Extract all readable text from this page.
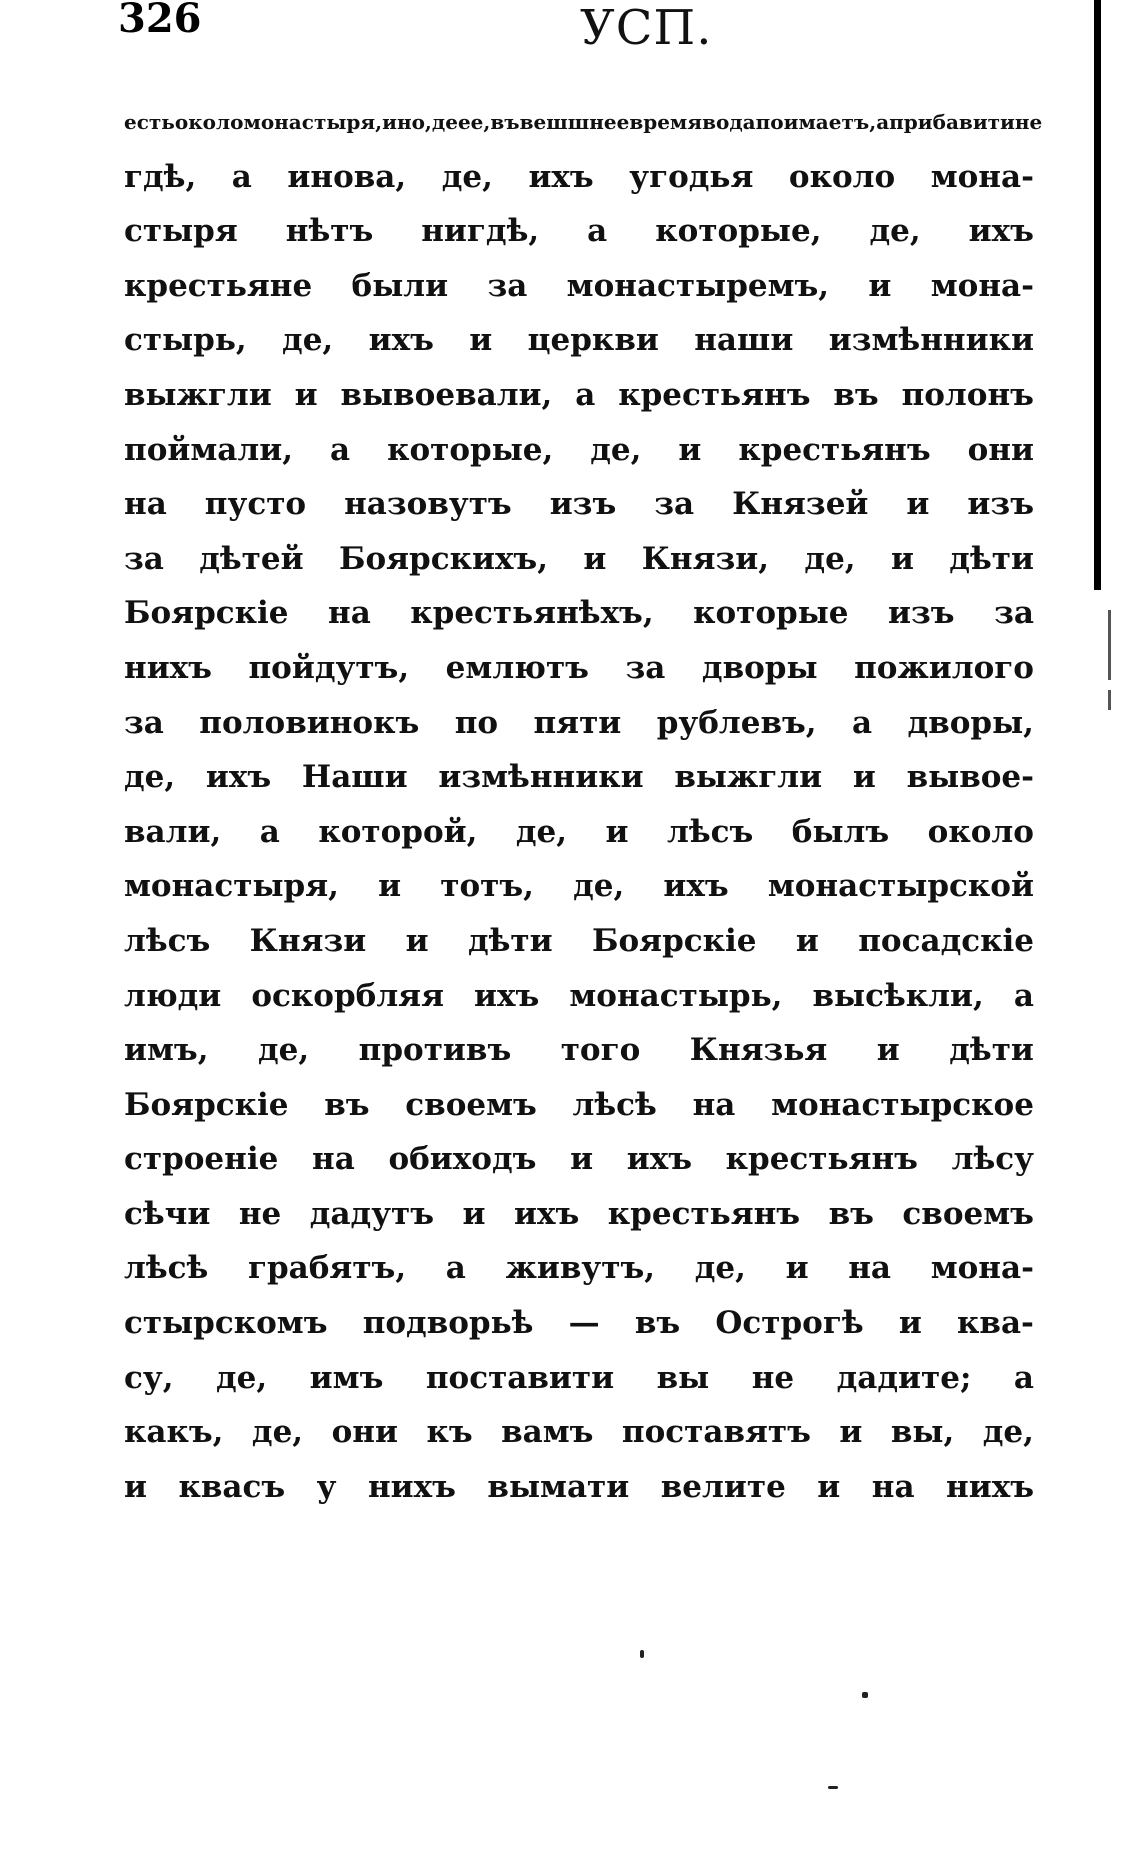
326	УСП.
есть около монастыря, ино, де ее, въ вешшнее время вода поимаетъ, а прибавити не
гдѣ, а инова, де, ихъ угодья около мона-
стыря нѣтъ нигдѣ, а которые, де, ихъ
крестьяне были за монастыремъ, и мона-
стырь, де, ихъ и церкви наши измѣнники
выжгли и вывоевали, а крестьянъ въ полонъ
поймали, а которые, де, и крестьянъ они
на пусто назовутъ изъ за Князей и изъ
за дѣтей Боярскихъ, и Князи, де, и дѣти
Боярскіе на крестьянѣхъ, которые изъ за
нихъ пойдутъ, емлютъ за дворы пожилого
за половинокъ по пяти рублевъ, а дворы,
де, ихъ Наши измѣнники выжгли и вывое-
вали, а которой, де, и лѣсъ былъ около
монастыря, и тотъ, де, ихъ монастырской
лѣсъ Князи и дѣти Боярскіе и посадскіе
люди оскорбляя ихъ монастырь, высѣкли, а
имъ, де, противъ того Князья и дѣти
Боярскіе въ своемъ лѣсѣ на монастырское
строеніе на обиходъ и ихъ крестьянъ лѣсу
сѣчи не дадутъ и ихъ крестьянъ въ своемъ
лѣсѣ грабятъ, а живутъ, де, и на мона-
стырскомъ подворьѣ — въ Острогѣ и ква-
су, де, имъ поставити вы не дадите; а
какъ, де, они къ вамъ поставятъ и вы, де,
и квасъ у нихъ вымати велите и на нихъ
